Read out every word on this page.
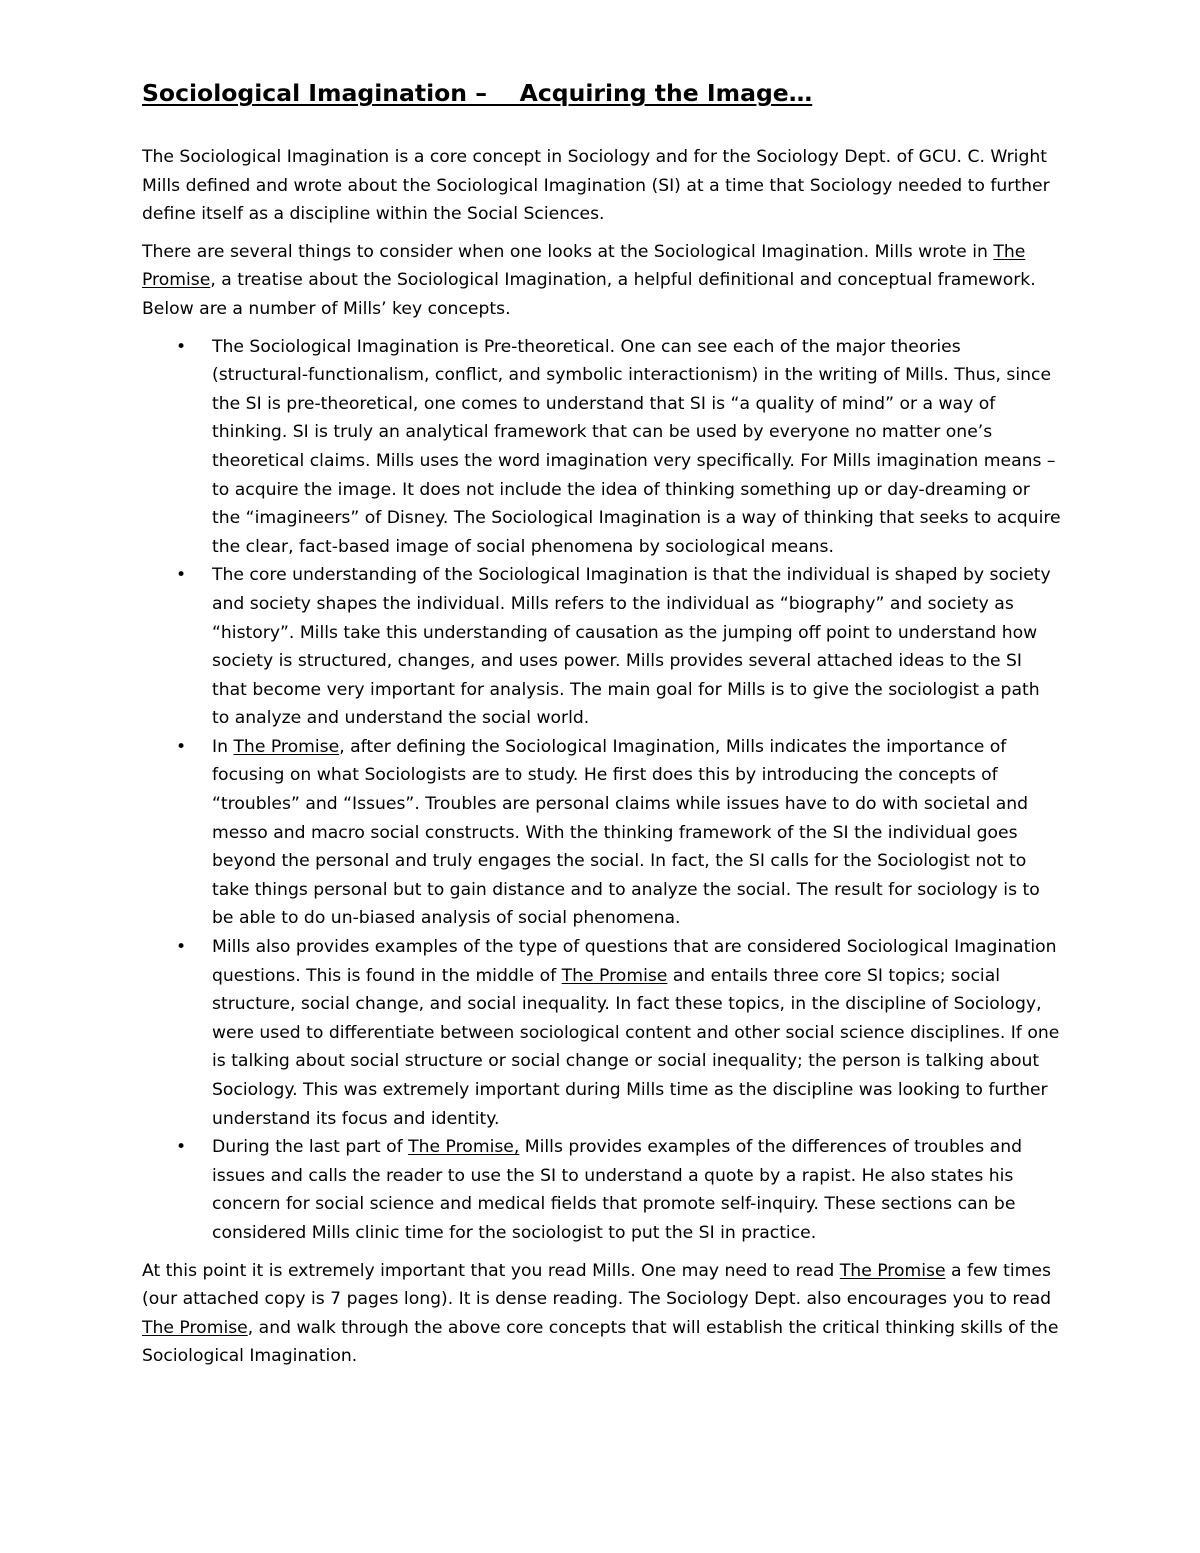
Sociological Imagination –    Acquiring the Image…

The Sociological Imagination is a core concept in Sociology and for the Sociology Dept. of GCU. C. Wright Mills defined and wrote about the Sociological Imagination (SI) at a time that Sociology needed to further define itself as a discipline within the Social Sciences.

There are several things to consider when one looks at the Sociological Imagination. Mills wrote in The Promise, a treatise about the Sociological Imagination, a helpful definitional and conceptual framework. Below are a number of Mills’ key concepts.

• The Sociological Imagination is Pre-theoretical. One can see each of the major theories (structural-functionalism, conflict, and symbolic interactionism) in the writing of Mills. Thus, since the SI is pre-theoretical, one comes to understand that SI is “a quality of mind” or a way of thinking. SI is truly an analytical framework that can be used by everyone no matter one’s theoretical claims. Mills uses the word imagination very specifically. For Mills imagination means – to acquire the image. It does not include the idea of thinking something up or day-dreaming or the “imagineers” of Disney. The Sociological Imagination is a way of thinking that seeks to acquire the clear, fact-based image of social phenomena by sociological means.
• The core understanding of the Sociological Imagination is that the individual is shaped by society and society shapes the individual. Mills refers to the individual as “biography” and society as “history”. Mills take this understanding of causation as the jumping off point to understand how society is structured, changes, and uses power. Mills provides several attached ideas to the SI that become very important for analysis. The main goal for Mills is to give the sociologist a path to analyze and understand the social world.
• In The Promise, after defining the Sociological Imagination, Mills indicates the importance of focusing on what Sociologists are to study. He first does this by introducing the concepts of “troubles” and “Issues”. Troubles are personal claims while issues have to do with societal and messo and macro social constructs. With the thinking framework of the SI the individual goes beyond the personal and truly engages the social. In fact, the SI calls for the Sociologist not to take things personal but to gain distance and to analyze the social. The result for sociology is to be able to do un-biased analysis of social phenomena.
• Mills also provides examples of the type of questions that are considered Sociological Imagination questions. This is found in the middle of The Promise and entails three core SI topics; social structure, social change, and social inequality. In fact these topics, in the discipline of Sociology, were used to differentiate between sociological content and other social science disciplines. If one is talking about social structure or social change or social inequality; the person is talking about Sociology. This was extremely important during Mills time as the discipline was looking to further understand its focus and identity.
• During the last part of The Promise, Mills provides examples of the differences of troubles and issues and calls the reader to use the SI to understand a quote by a rapist. He also states his concern for social science and medical fields that promote self-inquiry. These sections can be considered Mills clinic time for the sociologist to put the SI in practice.

At this point it is extremely important that you read Mills. One may need to read The Promise a few times (our attached copy is 7 pages long). It is dense reading. The Sociology Dept. also encourages you to read The Promise, and walk through the above core concepts that will establish the critical thinking skills of the Sociological Imagination.
